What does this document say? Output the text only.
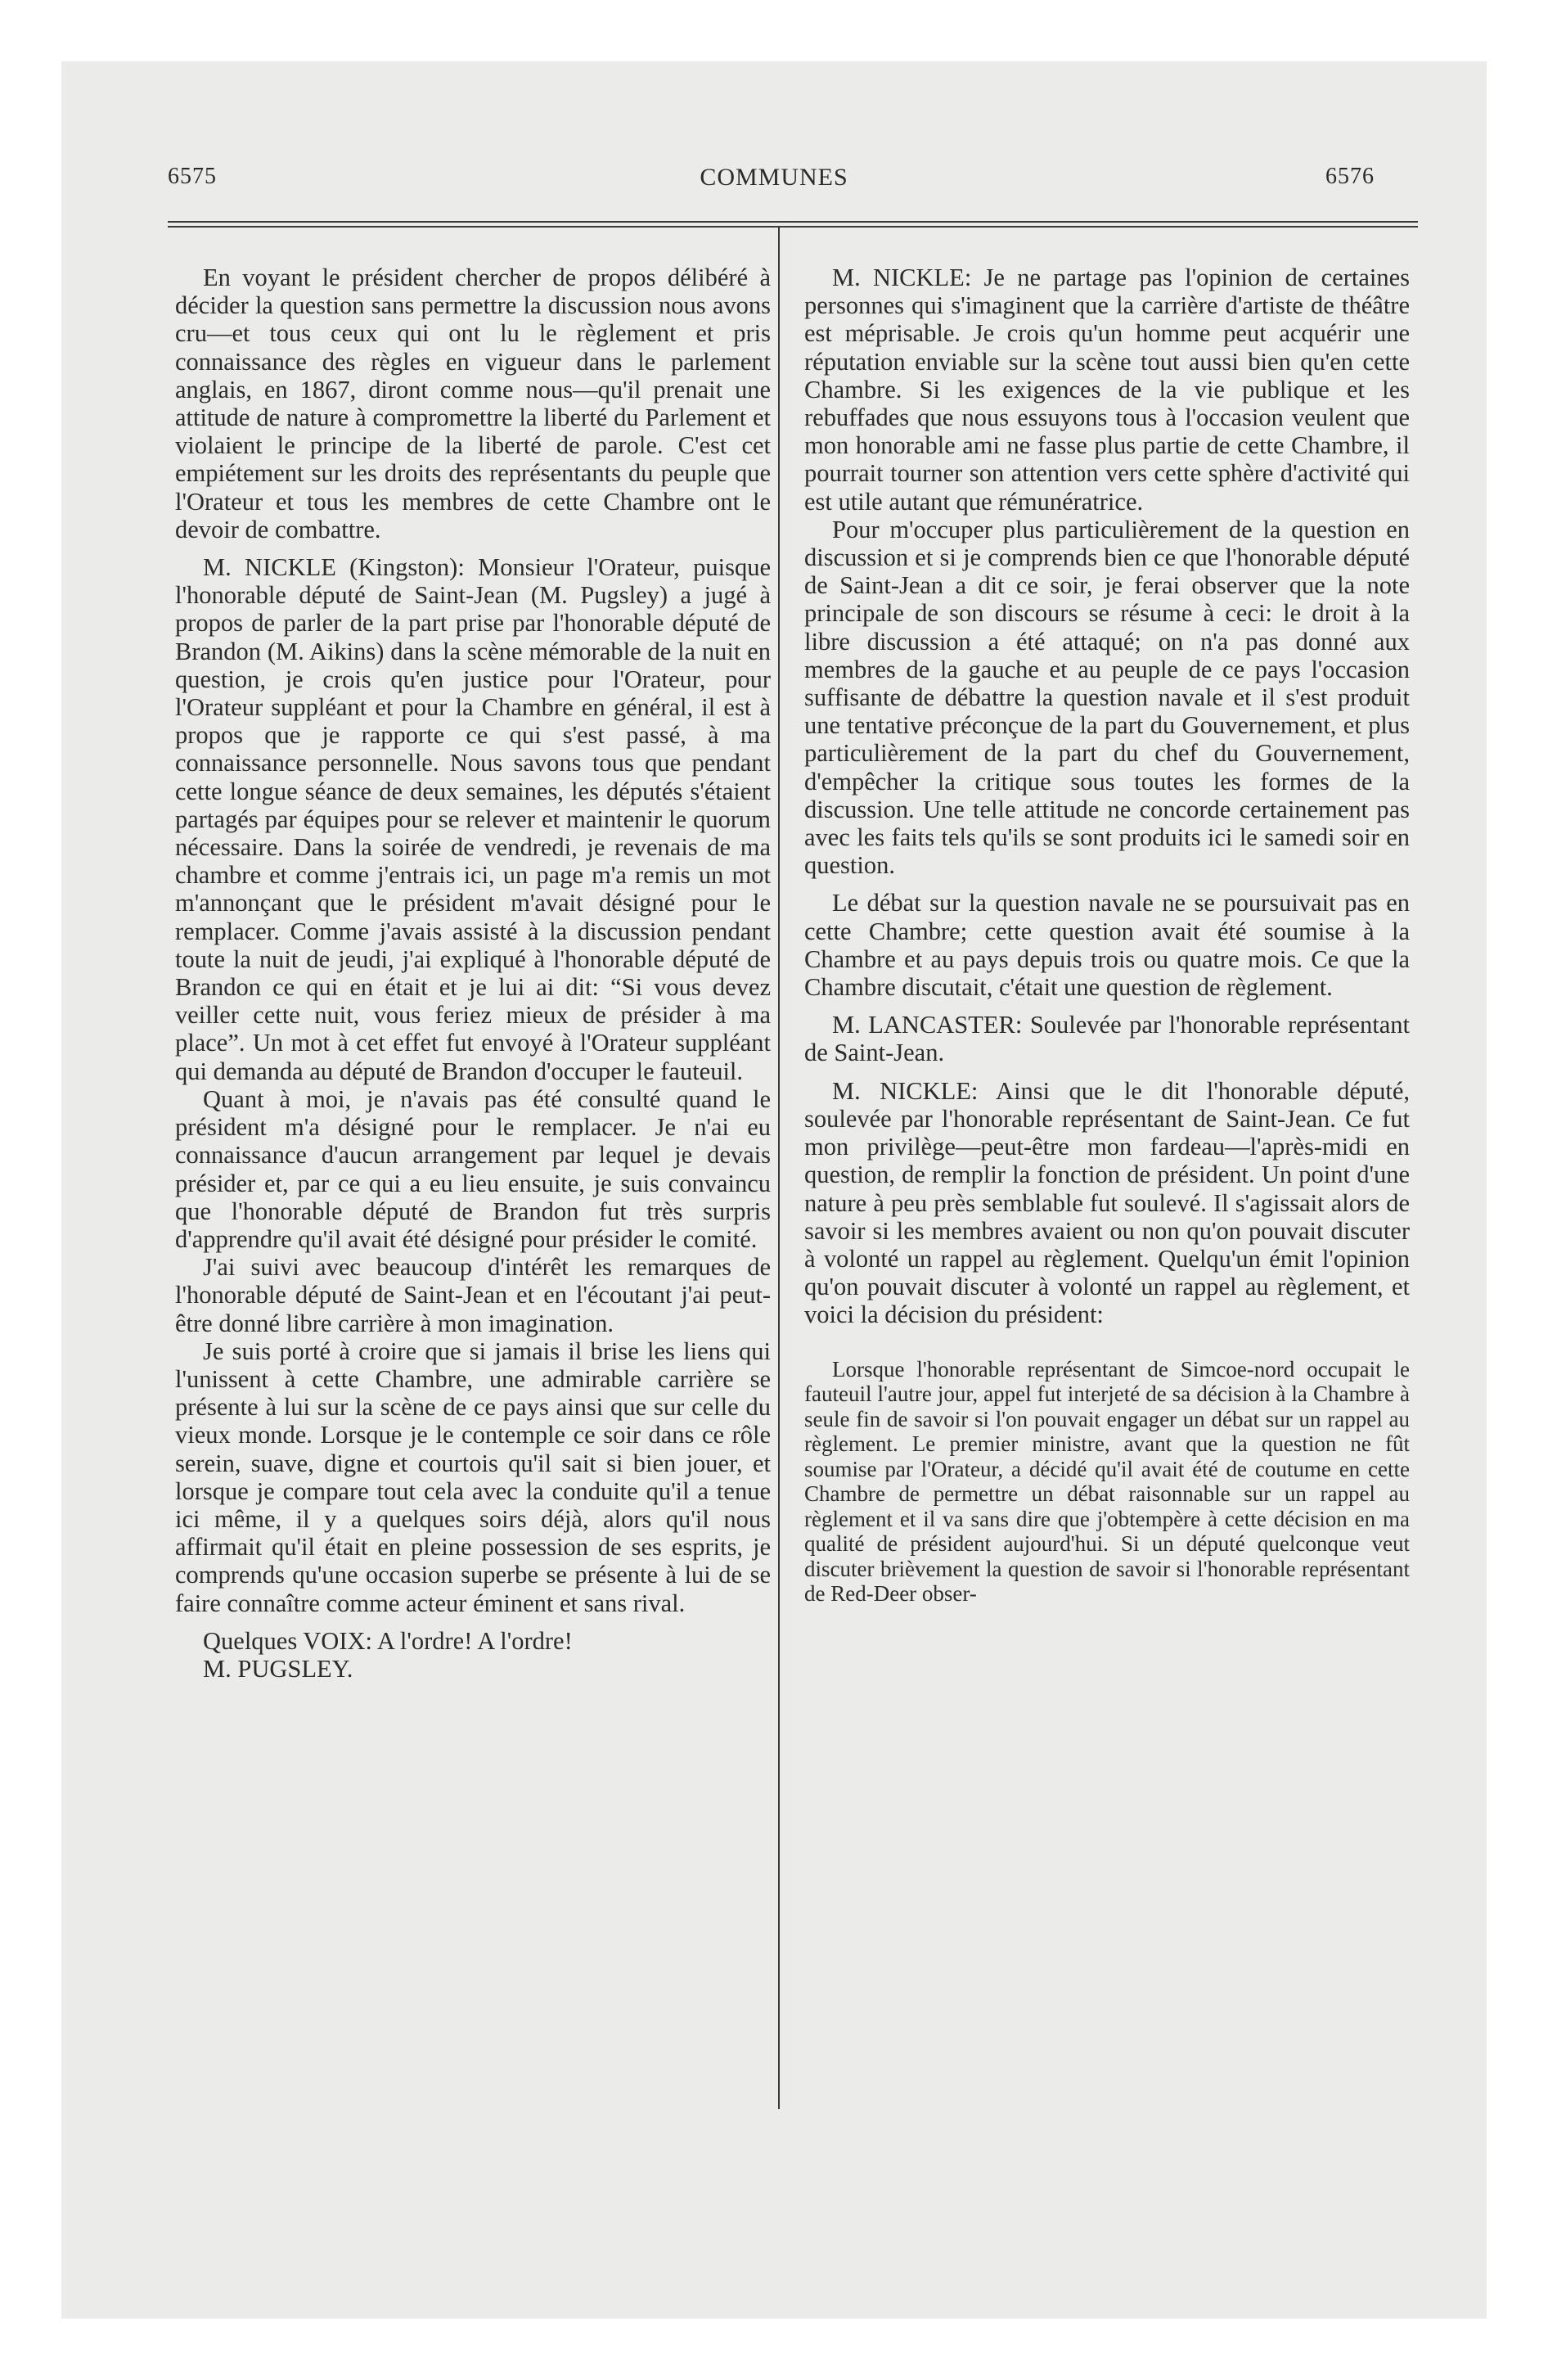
6575	COMMUNES	6576

En voyant le président chercher de propos délibéré à décider la question sans permettre la discussion nous avons cru—et tous ceux qui ont lu le règlement et pris connaissance des règles en vigueur dans le parlement anglais, en 1867, diront comme nous—qu'il prenait une attitude de nature à compromettre la liberté du Parlement et violaient le principe de la liberté de parole. C'est cet empiétement sur les droits des représentants du peuple que l'Orateur et tous les membres de cette Chambre ont le devoir de combattre.

M. NICKLE (Kingston): Monsieur l'Orateur, puisque l'honorable député de Saint-Jean (M. Pugsley) a jugé à propos de parler de la part prise par l'honorable député de Brandon (M. Aikins) dans la scène mémorable de la nuit en question, je crois qu'en justice pour l'Orateur, pour l'Orateur suppléant et pour la Chambre en général, il est à propos que je rapporte ce qui s'est passé, à ma connaissance personnelle. Nous savons tous que pendant cette longue séance de deux semaines, les députés s'étaient partagés par équipes pour se relever et maintenir le quorum nécessaire. Dans la soirée de vendredi, je revenais de ma chambre et comme j'entrais ici, un page m'a remis un mot m'annonçant que le président m'avait désigné pour le remplacer. Comme j'avais assisté à la discussion pendant toute la nuit de jeudi, j'ai expliqué à l'honorable député de Brandon ce qui en était et je lui ai dit: “Si vous devez veiller cette nuit, vous feriez mieux de présider à ma place”. Un mot à cet effet fut envoyé à l'Orateur suppléant qui demanda au député de Brandon d'occuper le fauteuil.

Quant à moi, je n'avais pas été consulté quand le président m'a désigné pour le remplacer. Je n'ai eu connaissance d'aucun arrangement par lequel je devais présider et, par ce qui a eu lieu ensuite, je suis convaincu que l'honorable député de Brandon fut très surpris d'apprendre qu'il avait été désigné pour présider le comité.

J'ai suivi avec beaucoup d'intérêt les remarques de l'honorable député de Saint-Jean et en l'écoutant j'ai peut-être donné libre carrière à mon imagination.

Je suis porté à croire que si jamais il brise les liens qui l'unissent à cette Chambre, une admirable carrière se présente à lui sur la scène de ce pays ainsi que sur celle du vieux monde. Lorsque je le contemple ce soir dans ce rôle serein, suave, digne et courtois qu'il sait si bien jouer, et lorsque je compare tout cela avec la conduite qu'il a tenue ici même, il y a quelques soirs déjà, alors qu'il nous affirmait qu'il était en pleine possession de ses esprits, je comprends qu'une occasion superbe se présente à lui de se faire connaître comme acteur éminent et sans rival.

Quelques VOIX: A l'ordre! A l'ordre!

M. PUGSLEY.

M. NICKLE: Je ne partage pas l'opinion de certaines personnes qui s'imaginent que la carrière d'artiste de théâtre est méprisable. Je crois qu'un homme peut acquérir une réputation enviable sur la scène tout aussi bien qu'en cette Chambre. Si les exigences de la vie publique et les rebuffades que nous essuyons tous à l'occasion veulent que mon honorable ami ne fasse plus partie de cette Chambre, il pourrait tourner son attention vers cette sphère d'activité qui est utile autant que rémunératrice.

Pour m'occuper plus particulièrement de la question en discussion et si je comprends bien ce que l'honorable député de Saint-Jean a dit ce soir, je ferai observer que la note principale de son discours se résume à ceci: le droit à la libre discussion a été attaqué; on n'a pas donné aux membres de la gauche et au peuple de ce pays l'occasion suffisante de débattre la question navale et il s'est produit une tentative préconçue de la part du Gouvernement, et plus particulièrement de la part du chef du Gouvernement, d'empêcher la critique sous toutes les formes de la discussion. Une telle attitude ne concorde certainement pas avec les faits tels qu'ils se sont produits ici le samedi soir en question.

Le débat sur la question navale ne se poursuivait pas en cette Chambre; cette question avait été soumise à la Chambre et au pays depuis trois ou quatre mois. Ce que la Chambre discutait, c'était une question de règlement.

M. LANCASTER: Soulevée par l'honorable représentant de Saint-Jean.

M. NICKLE: Ainsi que le dit l'honorable député, soulevée par l'honorable représentant de Saint-Jean. Ce fut mon privilège—peut-être mon fardeau—l'après-midi en question, de remplir la fonction de président. Un point d'une nature à peu près semblable fut soulevé. Il s'agissait alors de savoir si les membres avaient ou non qu'on pouvait discuter à volonté un rappel au règlement. Quelqu'un émit l'opinion qu'on pouvait discuter à volonté un rappel au règlement, et voici la décision du président:

Lorsque l'honorable représentant de Simcoe-nord occupait le fauteuil l'autre jour, appel fut interjeté de sa décision à la Chambre à seule fin de savoir si l'on pouvait engager un débat sur un rappel au règlement. Le premier ministre, avant que la question ne fût soumise par l'Orateur, a décidé qu'il avait été de coutume en cette Chambre de permettre un débat raisonnable sur un rappel au règlement et il va sans dire que j'obtempère à cette décision en ma qualité de président aujourd'hui. Si un député quelconque veut discuter brièvement la question de savoir si l'honorable représentant de Red-Deer obser-
